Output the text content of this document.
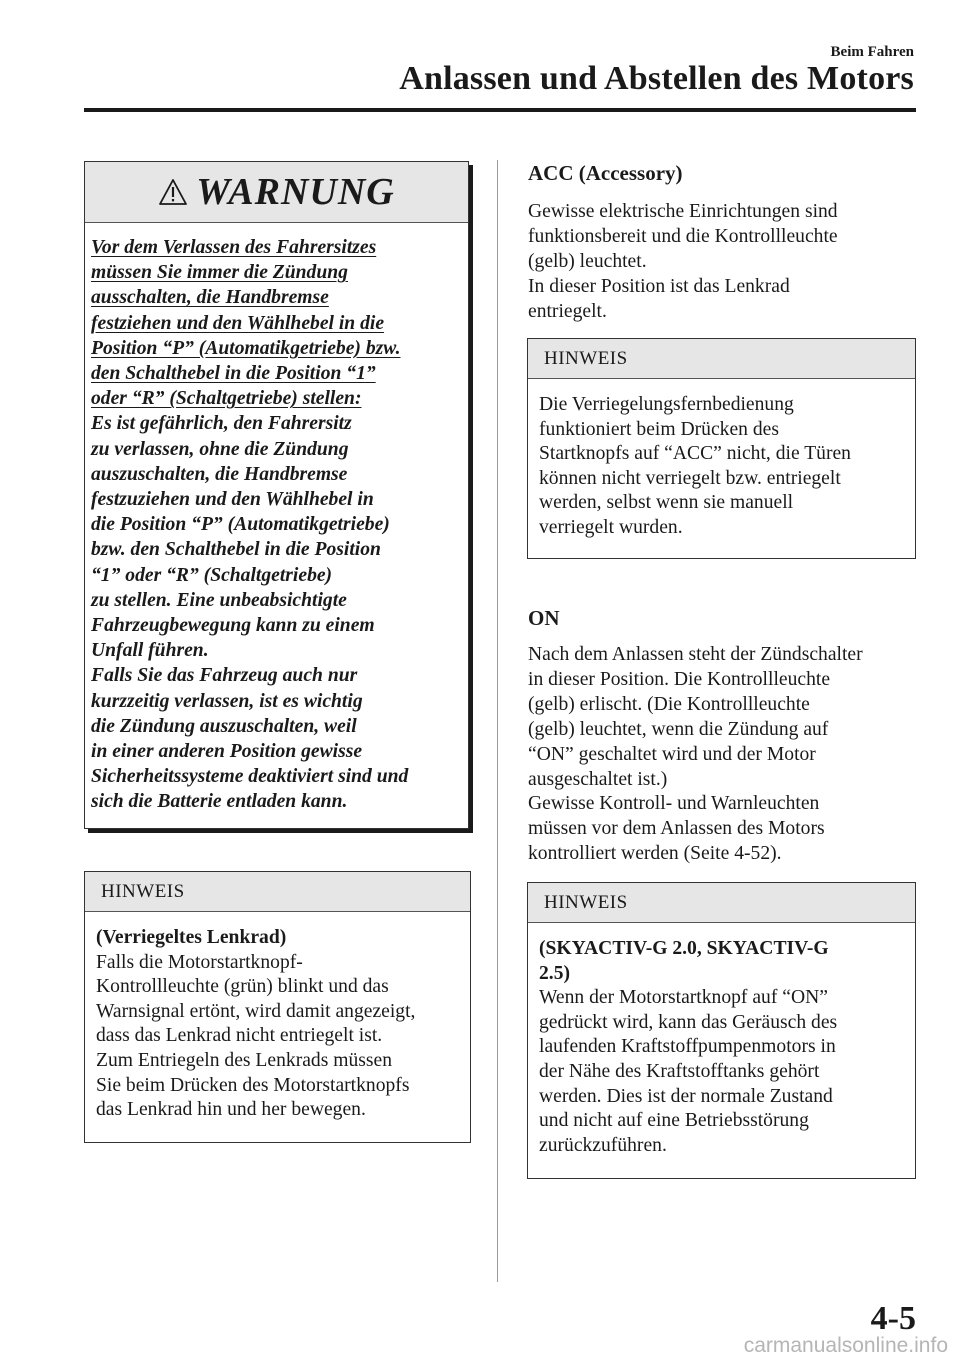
Beim Fahren
Anlassen und Abstellen des Motors
WARNUNG
Vor dem Verlassen des Fahrersitzes
müssen Sie immer die Zündung
ausschalten, die Handbremse
festziehen und den Wählhebel in die
Position “P” (Automatikgetriebe) bzw.
den Schalthebel in die Position “1”
oder “R” (Schaltgetriebe) stellen:
Es ist gefährlich, den Fahrersitz
zu verlassen, ohne die Zündung
auszuschalten, die Handbremse
festzuziehen und den Wählhebel in
die Position “P” (Automatikgetriebe)
bzw. den Schalthebel in die Position
“1” oder “R” (Schaltgetriebe)
zu stellen. Eine unbeabsichtigte
Fahrzeugbewegung kann zu einem
Unfall führen.
Falls Sie das Fahrzeug auch nur
kurzzeitig verlassen, ist es wichtig
die Zündung auszuschalten, weil
in einer anderen Position gewisse
Sicherheitssysteme deaktiviert sind und
sich die Batterie entladen kann.
HINWEIS
(Verriegeltes Lenkrad)
Falls die Motorstartknopf-
Kontrollleuchte (grün) blinkt und das
Warnsignal ertönt, wird damit angezeigt,
dass das Lenkrad nicht entriegelt ist.
Zum Entriegeln des Lenkrads müssen
Sie beim Drücken des Motorstartknopfs
das Lenkrad hin und her bewegen.
ACC (Accessory)
Gewisse elektrische Einrichtungen sind
funktionsbereit und die Kontrollleuchte
(gelb) leuchtet.
In dieser Position ist das Lenkrad
entriegelt.
HINWEIS
Die Verriegelungsfernbedienung
funktioniert beim Drücken des
Startknopfs auf “ACC” nicht, die Türen
können nicht verriegelt bzw. entriegelt
werden, selbst wenn sie manuell
verriegelt wurden.
ON
Nach dem Anlassen steht der Zündschalter
in dieser Position. Die Kontrollleuchte
(gelb) erlischt. (Die Kontrollleuchte
(gelb) leuchtet, wenn die Zündung auf
“ON” geschaltet wird und der Motor
ausgeschaltet ist.)
Gewisse Kontroll- und Warnleuchten
müssen vor dem Anlassen des Motors
kontrolliert werden (Seite 4-52).
HINWEIS
(SKYACTIV-G 2.0, SKYACTIV-G
2.5)
Wenn der Motorstartknopf auf “ON”
gedrückt wird, kann das Geräusch des
laufenden Kraftstoffpumpenmotors in
der Nähe des Kraftstofftanks gehört
werden. Dies ist der normale Zustand
und nicht auf eine Betriebsstörung
zurückzuführen.
4-5
carmanualsonline.info
